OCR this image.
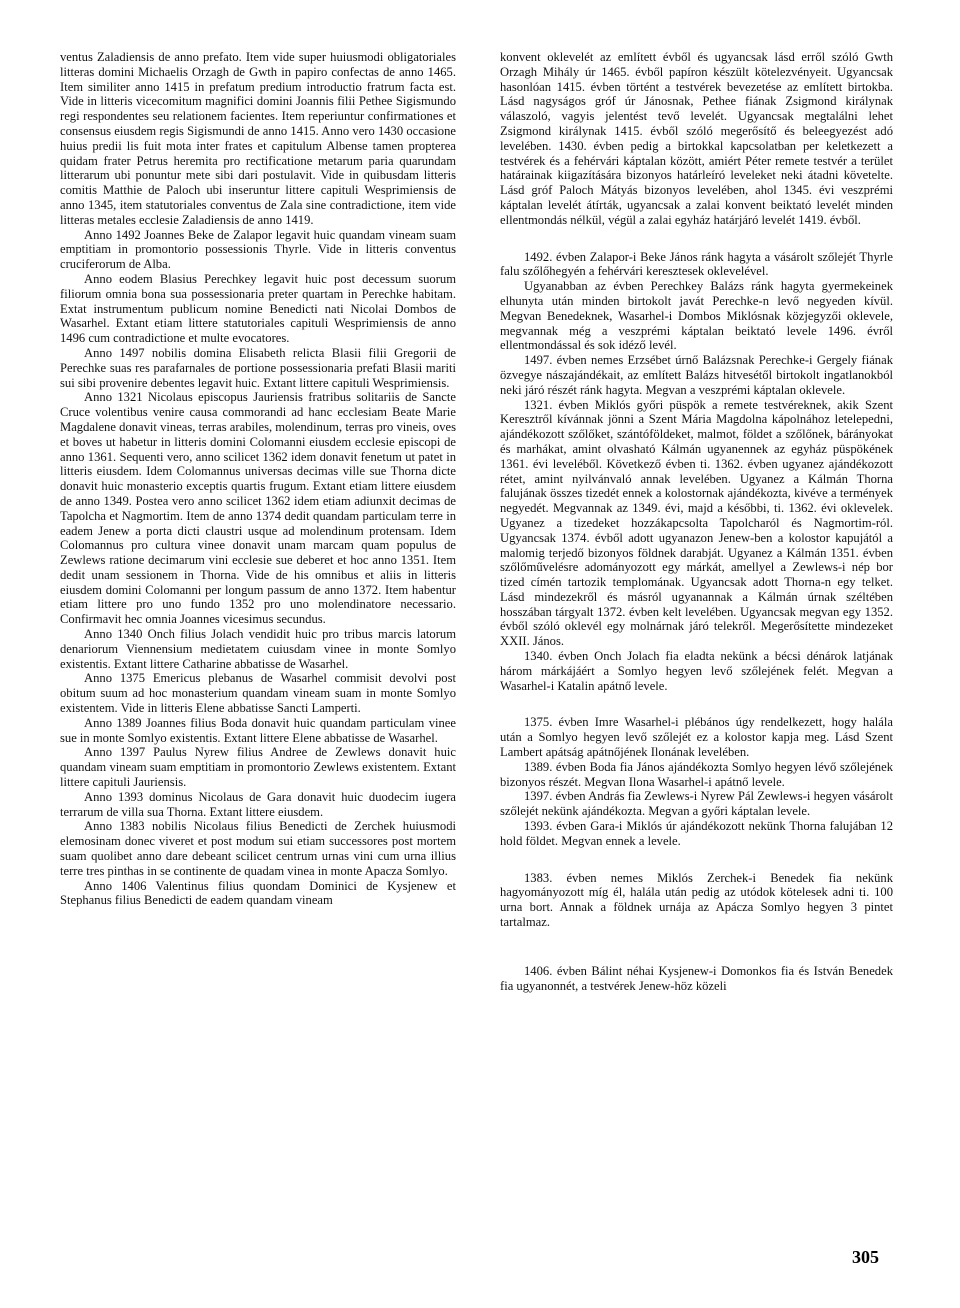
ventus Zaladiensis de anno prefato. Item vide super huiusmodi obligatoriales litteras domini Michaelis Orzagh de Gwth in papiro confectas de anno 1465. Item similiter anno 1415 in prefatum predium introductio fratrum facta est. Vide in litteris vicecomitum magnifici domini Joannis filii Pethee Sigismundo regi respondentes seu relationem facientes. Item reperiuntur confirmationes et consensus eiusdem regis Sigismundi de anno 1415. Anno vero 1430 occasione huius predii lis fuit mota inter frates et capitulum Albense tamen propterea quidam frater Petrus heremita pro rectificatione metarum paria quarundam litterarum ubi ponuntur mete sibi dari postulavit. Vide in quibusdam litteris comitis Matthie de Paloch ubi inseruntur littere capituli Wesprimiensis de anno 1345, item statutoriales conventus de Zala sine contradictione, item vide litteras metales ecclesie Zaladiensis de anno 1419.

Anno 1492 Joannes Beke de Zalapor legavit huic quandam vineam suam emptitiam in promontorio possessionis Thyrle. Vide in litteris conventus cruciferorum de Alba.

Anno eodem Blasius Perechkey legavit huic post decessum suorum filiorum omnia bona sua possessionaria preter quartam in Perechke habitam. Extat instrumentum publicum nomine Benedicti nati Nicolai Dombos de Wasarhel. Extant etiam littere statutoriales capituli Wesprimiensis de anno 1496 cum contradictione et multe evocatores.

Anno 1497 nobilis domina Elisabeth relicta Blasii filii Gregorii de Perechke suas res parafarnales de portione possessionaria prefati Blasii mariti sui sibi provenire debentes legavit huic. Extant littere capituli Wesprimiensis.

Anno 1321 Nicolaus episcopus Jauriensis fratribus solitariis de Sancte Cruce volentibus venire causa commorandi ad hanc ecclesiam Beate Marie Magdalene donavit vineas, terras arabiles, molendinum, terras pro vineis, oves et boves ut habetur in litteris domini Colomanni eiusdem ecclesie episcopi de anno 1361. Sequenti vero, anno scilicet 1362 idem donavit fenetum ut patet in litteris eiusdem. Idem Colomannus universas decimas ville sue Thorna dicte donavit huic monasterio exceptis quartis frugum. Extant etiam littere eiusdem de anno 1349. Postea vero anno scilicet 1362 idem etiam adiunxit decimas de Tapolcha et Nagmortim. Item de anno 1374 dedit quandam particulam terre in eadem Jenew a porta dicti claustri usque ad molendinum protensam. Idem Colomannus pro cultura vinee donavit unam marcam quam populus de Zewlews ratione decimarum vini ecclesie sue deberet et hoc anno 1351. Item dedit unam sessionem in Thorna. Vide de his omnibus et aliis in litteris eiusdem domini Colomanni per longum passum de anno 1372. Item habentur etiam littere pro uno fundo 1352 pro uno molendinatore necessario. Confirmavit hec omnia Joannes vicesimus secundus.

Anno 1340 Onch filius Jolach vendidit huic pro tribus marcis latorum denariorum Viennensium medietatem cuiusdam vinee in monte Somlyo existentis. Extant littere Catharine abbatisse de Wasarhel.

Anno 1375 Emericus plebanus de Wasarhel commisit devolvi post obitum suum ad hoc monasterium quandam vineam suam in monte Somlyo existentem. Vide in litteris Elene abbatisse Sancti Lamperti.

Anno 1389 Joannes filius Boda donavit huic quandam particulam vinee sue in monte Somlyo existentis. Extant littere Elene abbatisse de Wasarhel.

Anno 1397 Paulus Nyrew filius Andree de Zewlews donavit huic quandam vineam suam emptitiam in promontorio Zewlews existentem. Extant littere capituli Jauriensis.

Anno 1393 dominus Nicolaus de Gara donavit huic duodecim iugera terrarum de villa sua Thorna. Extant littere eiusdem.

Anno 1383 nobilis Nicolaus filius Benedicti de Zerchek huiusmodi elemosinam donec viveret et post modum sui etiam successores post mortem suam quolibet anno dare debeant scilicet centrum urnas vini cum urna illius terre tres pinthas in se continente de quadam vinea in monte Apacza Somlyo.

Anno 1406 Valentinus filius quondam Dominici de Kysjenew et Stephanus filius Benedicti de eadem quandam vineam

konvent oklevelét az említett évből és ugyancsak lásd erről szóló Gwth Orzagh Mihály úr 1465. évből papíron készült kötelezvényeit. Ugyancsak hasonlóan 1415. évben történt a testvérek bevezetése az említett birtokba. Lásd nagyságos gróf úr Jánosnak, Pethee fiának Zsigmond királynak válaszoló, vagyis jelentést tevő levelét. Ugyancsak megtalálni lehet Zsigmond királynak 1415. évből szóló megerősítő és beleegyezést adó levelében. 1430. évben pedig a birtokkal kapcsolatban per keletkezett a testvérek és a fehérvári káptalan között, amiért Péter remete testvér a terület határainak kiigazítására bizonyos határleíró leveleket neki átadni követelte. Lásd gróf Paloch Mátyás bizonyos levelében, ahol 1345. évi veszprémi káptalan levelét átírták, ugyancsak a zalai konvent beiktató levelét minden ellentmondás nélkül, végül a zalai egyház határjáró levelét 1419. évből.

1492. évben Zalapor-i Beke János ránk hagyta a vásárolt szőlejét Thyrle falu szőlőhegyén a fehérvári keresztesek oklevelével.

Ugyanabban az évben Perechkey Balázs ránk hagyta gyermekeinek elhunyta után minden birtokolt javát Perechke-n levő negyeden kívül. Megvan Benedeknek, Wasarhel-i Dombos Miklósnak közjegyzői oklevele, megvannak még a veszprémi káptalan beiktató levele 1496. évről ellentmondással és sok idéző levél.

1497. évben nemes Erzsébet úrnő Balázsnak Perechke-i Gergely fiának özvegye nászajándékait, az említett Balázs hitvesétől birtokolt ingatlanokból neki járó részét ránk hagyta. Megvan a veszprémi káptalan oklevele.

1321. évben Miklós győri püspök a remete testvéreknek, akik Szent Keresztről kívánnak jönni a Szent Mária Magdolna kápolnához letelepedni, ajándékozott szőlőket, szántóföldeket, malmot, földet a szőlőnek, bárányokat és marhákat, amint olvasható Kálmán ugyanennek az egyház püspökének 1361. évi leveléből. Következő évben ti. 1362. évben ugyanez ajándékozott rétet, amint nyilvánvaló annak levelében. Ugyanez a Kálmán Thorna falujának összes tizedét ennek a kolostornak ajándékozta, kivéve a termények negyedét. Megvannak az 1349. évi, majd a későbbi, ti. 1362. évi oklevelek. Ugyanez a tizedeket hozzákapcsolta Tapolcharól és Nagmortim-ról. Ugyancsak 1374. évből adott ugyanazon Jenew-ben a kolostor kapujától a malomig terjedő bizonyos földnek darabját. Ugyanez a Kálmán 1351. évben szőlőművelésre adományozott egy márkát, amellyel a Zewlews-i nép bor tized címén tartozik templomának. Ugyancsak adott Thorna-n egy telket. Lásd mindezekről és másról ugyanannak a Kálmán úrnak széltében hosszában tárgyalt 1372. évben kelt levelében. Ugyancsak megvan egy 1352. évből szóló oklevél egy molnárnak járó telekről. Megerősítette mindezeket XXII. János.

1340. évben Onch Jolach fia eladta nekünk a bécsi dénárok latjának három márkájáért a Somlyo hegyen levő szőlejének felét. Megvan a Wasarhel-i Katalin apátnő levele.

1375. évben Imre Wasarhel-i plébános úgy rendelkezett, hogy halála után a Somlyo hegyen levő szőlejét ez a kolostor kapja meg. Lásd Szent Lambert apátság apátnőjének Ilonának levelében.

1389. évben Boda fia János ajándékozta Somlyo hegyen lévő szőlejének bizonyos részét. Megvan Ilona Wasarhel-i apátnő levele.

1397. évben András fia Zewlews-i Nyrew Pál Zewlews-i hegyen vásárolt szőlejét nekünk ajándékozta. Megvan a győri káptalan levele.

1393. évben Gara-i Miklós úr ajándékozott nekünk Thorna falujában 12 hold földet. Megvan ennek a levele.

1383. évben nemes Miklós Zerchek-i Benedek fia nekünk hagyományozott míg él, halála után pedig az utódok kötelesek adni ti. 100 urna bort. Annak a földnek urnája az Apácza Somlyo hegyen 3 pintet tartalmaz.

1406. évben Bálint néhai Kysjenew-i Domonkos fia és István Benedek fia ugyanonnét, a testvérek Jenew-höz közeli

305
